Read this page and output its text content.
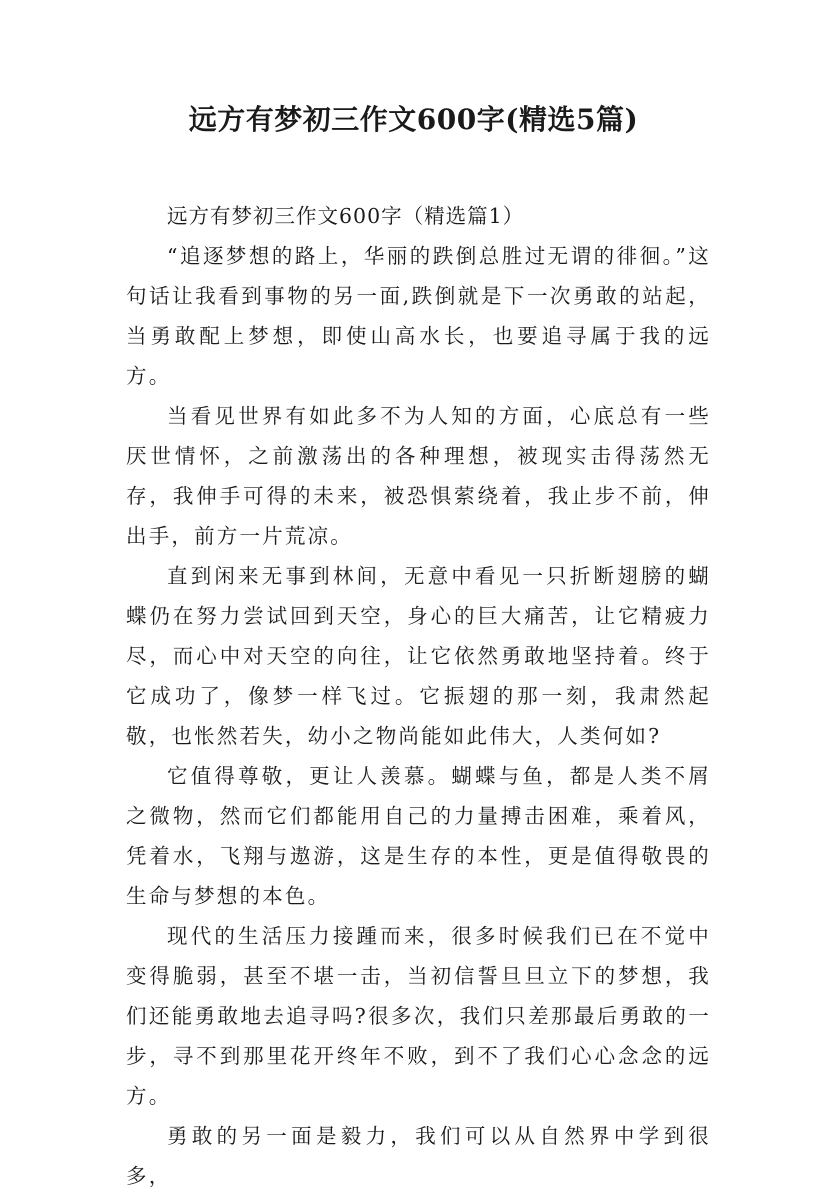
远方有梦初三作文600字(精选5篇)

远方有梦初三作文600字（精选篇1）

“追逐梦想的路上，华丽的跌倒总胜过无谓的徘徊。”这句话让我看到事物的另一面,跌倒就是下一次勇敢的站起，当勇敢配上梦想，即使山高水长，也要追寻属于我的远方。

当看见世界有如此多不为人知的方面，心底总有一些厌世情怀，之前激荡出的各种理想，被现实击得荡然无存，我伸手可得的未来，被恐惧萦绕着，我止步不前，伸出手，前方一片荒凉。

直到闲来无事到林间，无意中看见一只折断翅膀的蝴蝶仍在努力尝试回到天空，身心的巨大痛苦，让它精疲力尽，而心中对天空的向往，让它依然勇敢地坚持着。终于它成功了，像梦一样飞过。它振翅的那一刻，我肃然起敬，也怅然若失，幼小之物尚能如此伟大，人类何如?

它值得尊敬，更让人羡慕。蝴蝶与鱼，都是人类不屑之微物，然而它们都能用自己的力量搏击困难，乘着风，凭着水，飞翔与遨游，这是生存的本性，更是值得敬畏的生命与梦想的本色。

现代的生活压力接踵而来，很多时候我们已在不觉中变得脆弱，甚至不堪一击，当初信誓旦旦立下的梦想，我们还能勇敢地去追寻吗?很多次，我们只差那最后勇敢的一步，寻不到那里花开终年不败，到不了我们心心念念的远方。

勇敢的另一面是毅力，我们可以从自然界中学到很多，
